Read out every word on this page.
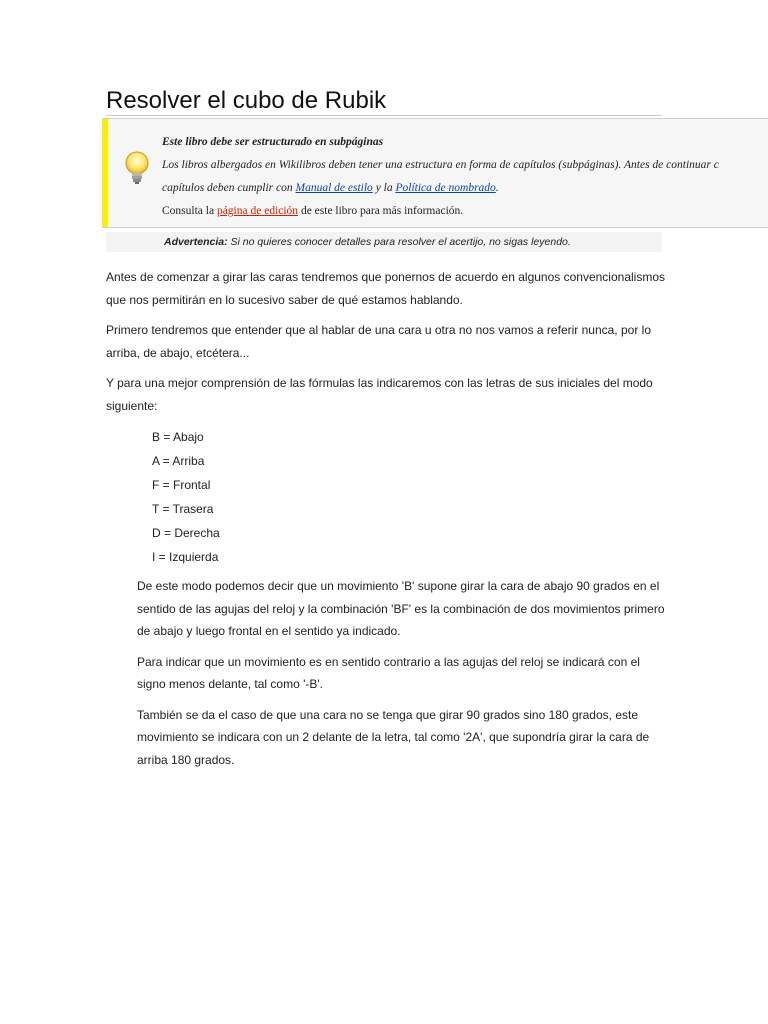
Resolver el cubo de Rubik
Este libro debe ser estructurado en subpáginas
Los libros albergados en Wikilibros deben tener una estructura en forma de capítulos (subpáginas). Antes de continuar c
capítulos deben cumplir con Manual de estilo y la Política de nombrado.
Consulta la página de edición de este libro para más información.
Advertencia: Si no quieres conocer detalles para resolver el acertijo, no sigas leyendo.

Antes de comenzar a girar las caras tendremos que ponernos de acuerdo en algunos convencionalismos que nos permitirán en lo sucesivo saber de qué estamos hablando.

Primero tendremos que entender que al hablar de una cara u otra no nos vamos a referir nunca, por lo arriba, de abajo, etcétera...

Y para una mejor comprensión de las fórmulas las indicaremos con las letras de sus iniciales del modo siguiente:

B = Abajo
A = Arriba
F = Frontal
T = Trasera
D = Derecha
I = Izquierda

De este modo podemos decir que un movimiento 'B' supone girar la cara de abajo 90 grados en el sentido de las agujas del reloj y la combinación 'BF' es la combinación de dos movimientos primero de abajo y luego frontal en el sentido ya indicado.

Para indicar que un movimiento es en sentido contrario a las agujas del reloj se indicará con el signo menos delante, tal como '-B'.

También se da el caso de que una cara no se tenga que girar 90 grados sino 180 grados, este movimiento se indicara con un 2 delante de la letra, tal como '2A', que supondría girar la cara de arriba 180 grados.
